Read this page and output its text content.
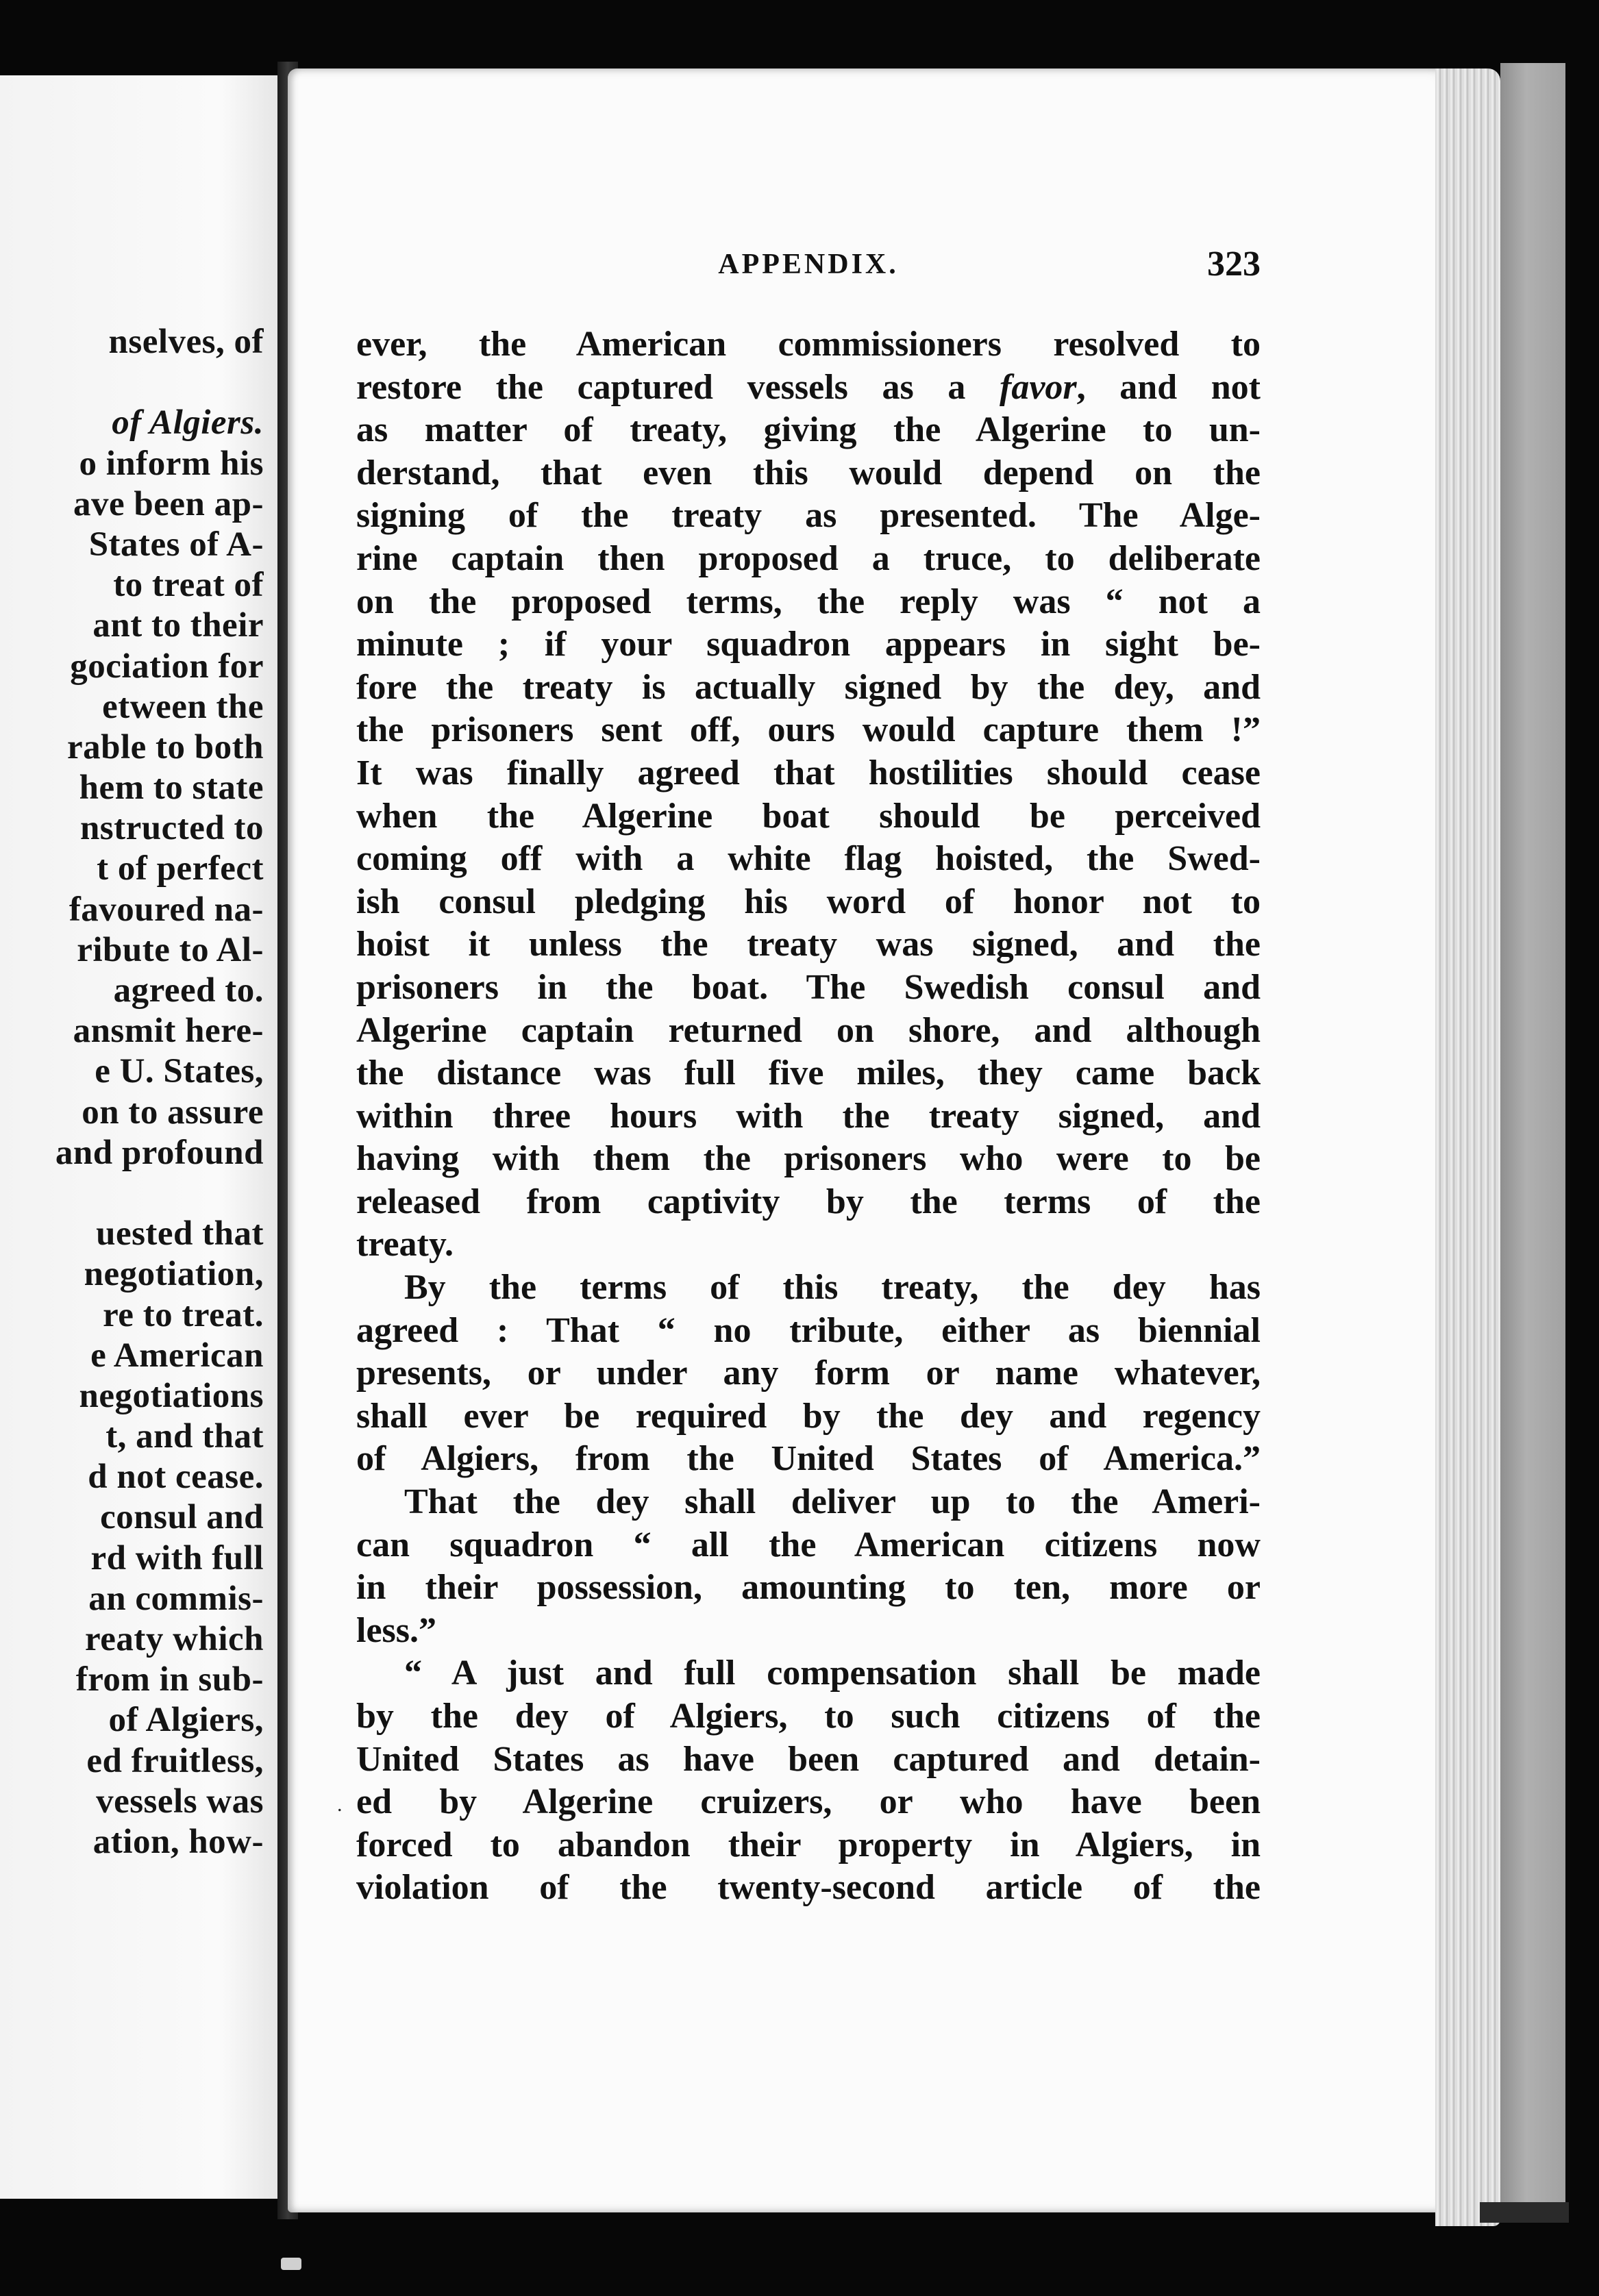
nselves, of
of Algiers.
o inform his
ave been ap-
States of A-
to treat of
ant to their
gociation for
etween the
rable to both
hem to state
nstructed to
t of perfect
favoured na-
ribute to Al-
agreed to.
ansmit here-
e U. States,
on to assure
and profound
uested that
negotiation,
re to treat.
e American
negotiations
t, and that
d not cease.
consul and
rd with full
an commis-
reaty which
from in sub-
of Algiers,
ed fruitless,
vessels was
ation, how-
APPENDIX.	323
ever, the American commissioners resolved to
restore the captured vessels as a favor, and not
as matter of treaty, giving the Algerine to un-
derstand, that even this would depend on the
signing of the treaty as presented. The Alge-
rine captain then proposed a truce, to deliberate
on the proposed terms, the reply was “ not a
minute ; if your squadron appears in sight be-
fore the treaty is actually signed by the dey, and
the prisoners sent off, ours would capture them !”
It was finally agreed that hostilities should cease
when the Algerine boat should be perceived
coming off with a white flag hoisted, the Swed-
ish consul pledging his word of honor not to
hoist it unless the treaty was signed, and the
prisoners in the boat. The Swedish consul and
Algerine captain returned on shore, and although
the distance was full five miles, they came back
within three hours with the treaty signed, and
having with them the prisoners who were to be
released from captivity by the terms of the
treaty.
By the terms of this treaty, the dey has
agreed : That “ no tribute, either as biennial
presents, or under any form or name whatever,
shall ever be required by the dey and regency
of Algiers, from the United States of America.”
That the dey shall deliver up to the Ameri-
can squadron “ all the American citizens now
in their possession, amounting to ten, more or
less.”
“ A just and full compensation shall be made
by the dey of Algiers, to such citizens of the
United States as have been captured and detain-
ed by Algerine cruizers, or who have been
forced to abandon their property in Algiers, in
violation of the twenty-second article of the
.
